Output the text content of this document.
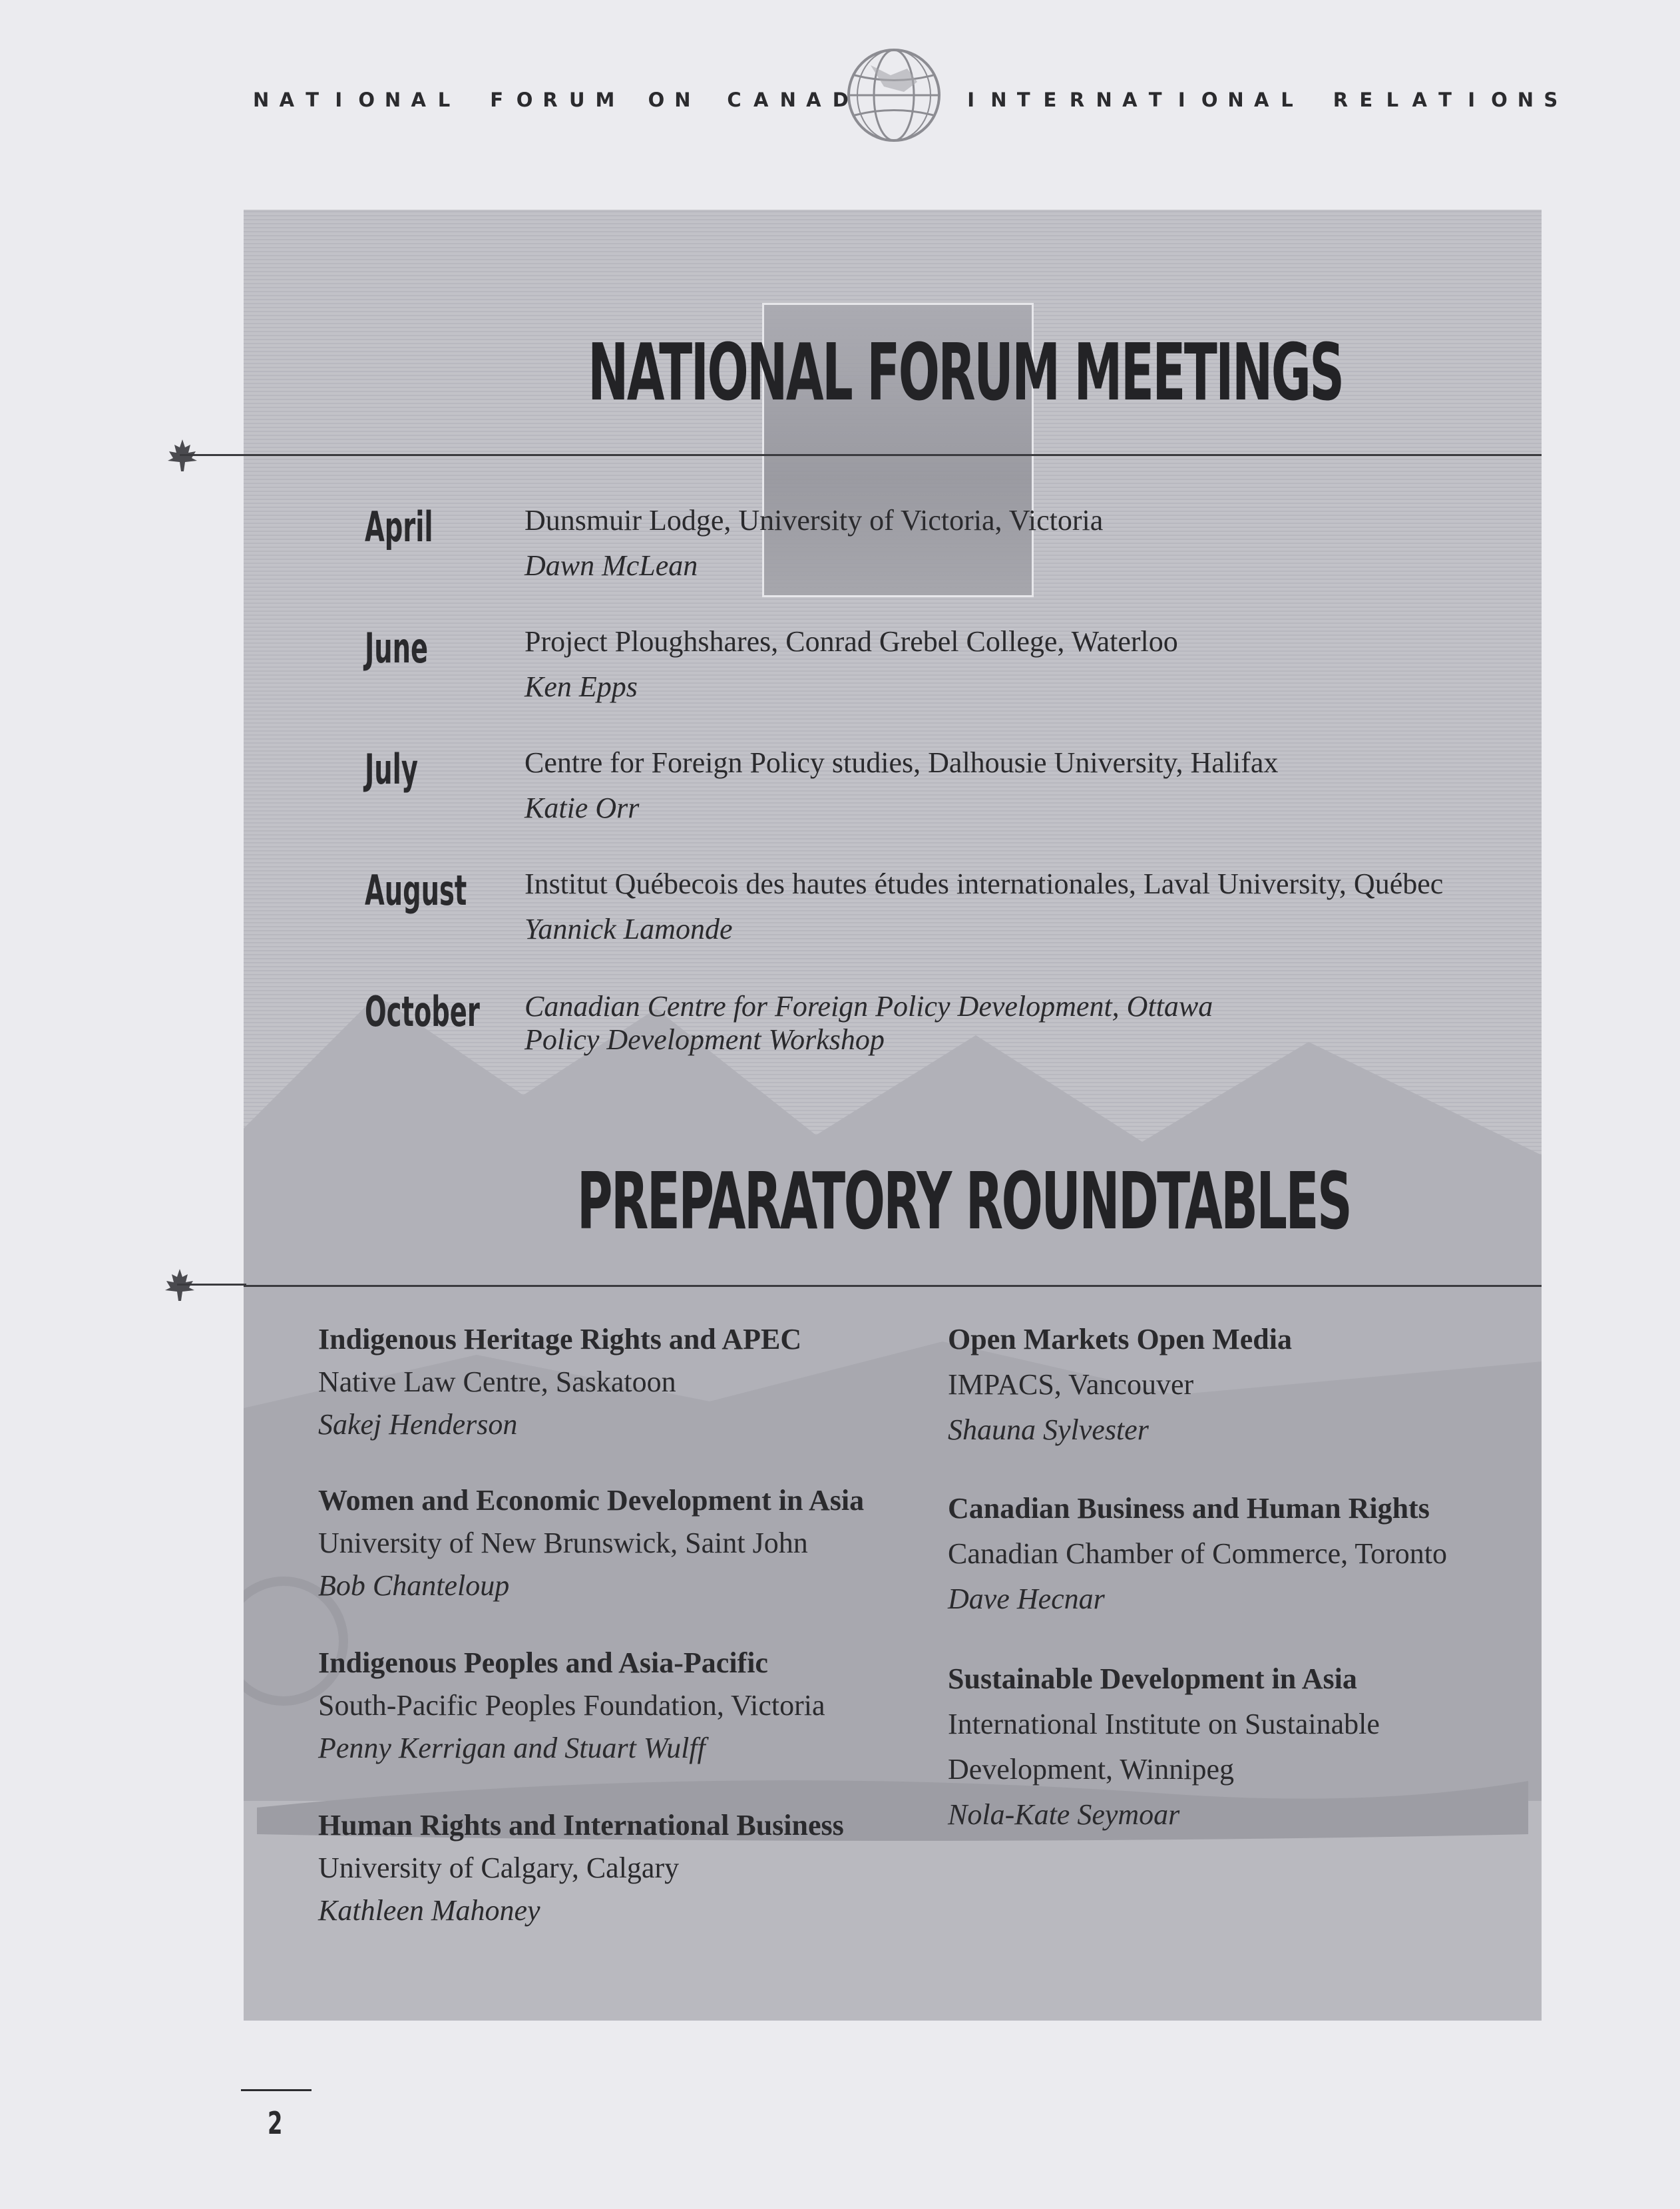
N A T I O N A L
F O R U M
O N
C A N A D
	I N T E R N A T I O N A L
R E L A T I O N S
NATIONAL FORUM MEETINGS
April	Dunsmuir Lodge, University of Victoria, Victoria
Dawn McLean
June	Project Ploughshares, Conrad Grebel College, Waterloo
Ken Epps
July	Centre for Foreign Policy studies, Dalhousie University, Halifax
Katie Orr
August Institut Québecois des hautes études internationales, Laval University, Québec
Yannick Lamonde
October Canadian Centre for Foreign Policy Development, Ottawa
Policy Development Workshop
PREPARATORY ROUNDTABLES
Indigenous Heritage Rights and APEC
Native Law Centre, Saskatoon
Sakej Henderson
Women and Economic Development in Asia
University of New Brunswick, Saint John
Bob Chanteloup
Indigenous Peoples and Asia-Pacific
South-Pacific Peoples Foundation, Victoria
Penny Kerrigan and Stuart Wulff
Human Rights and International Business
University of Calgary, Calgary
Kathleen Mahoney
Open Markets Open Media
IMPACS, Vancouver
Shauna Sylvester
Canadian Business and Human Rights
Canadian Chamber of Commerce, Toronto
Dave Hecnar
Sustainable Development in Asia
International Institute on Sustainable
Development, Winnipeg
Nola-Kate Seymoar
2
